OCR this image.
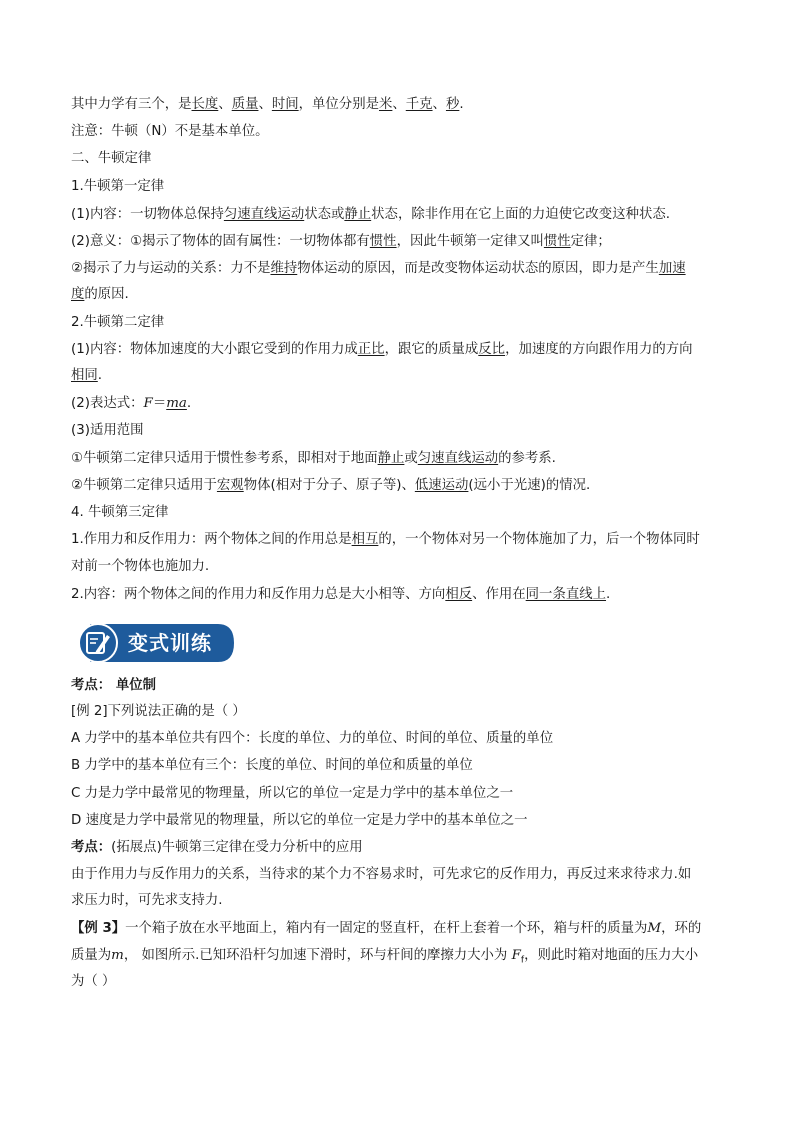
其中力学有三个，是长度、质量、时间，单位分别是米、千克、秒.
注意：牛顿（N）不是基本单位。
二、牛顿定律
1.牛顿第一定律
(1)内容：一切物体总保持匀速直线运动状态或静止状态，除非作用在它上面的力迫使它改变这种状态.
(2)意义：①揭示了物体的固有属性：一切物体都有惯性，因此牛顿第一定律又叫惯性定律；
②揭示了力与运动的关系：力不是维持物体运动的原因，而是改变物体运动状态的原因，即力是产生加速
度的原因.
2.牛顿第二定律
(1)内容：物体加速度的大小跟它受到的作用力成正比，跟它的质量成反比，加速度的方向跟作用力的方向
相同.
(2)表达式：F＝ma.
(3)适用范围
①牛顿第二定律只适用于惯性参考系，即相对于地面静止或匀速直线运动的参考系.
②牛顿第二定律只适用于宏观物体(相对于分子、原子等)、低速运动(远小于光速)的情况.
4. 牛顿第三定律
1.作用力和反作用力：两个物体之间的作用总是相互的，一个物体对另一个物体施加了力，后一个物体同时
对前一个物体也施加力.
2.内容：两个物体之间的作用力和反作用力总是大小相等、方向相反、作用在同一条直线上.
变式训练
考点： 单位制
[例 2]下列说法正确的是（ ）
A 力学中的基本单位共有四个：长度的单位、力的单位、时间的单位、质量的单位
B 力学中的基本单位有三个：长度的单位、时间的单位和质量的单位
C 力是力学中最常见的物理量，所以它的单位一定是力学中的基本单位之一
D 速度是力学中最常见的物理量，所以它的单位一定是力学中的基本单位之一
考点：(拓展点)牛顿第三定律在受力分析中的应用
由于作用力与反作用力的关系，当待求的某个力不容易求时，可先求它的反作用力，再反过来求待求力.如
求压力时，可先求支持力.
【例 3】一个箱子放在水平地面上，箱内有一固定的竖直杆，在杆上套着一个环，箱与杆的质量为M，环的
质量为m， 如图所示.已知环沿杆匀加速下滑时，环与杆间的摩擦力大小为 $F_f$，则此时箱对地面的压力大小
为（ ）
